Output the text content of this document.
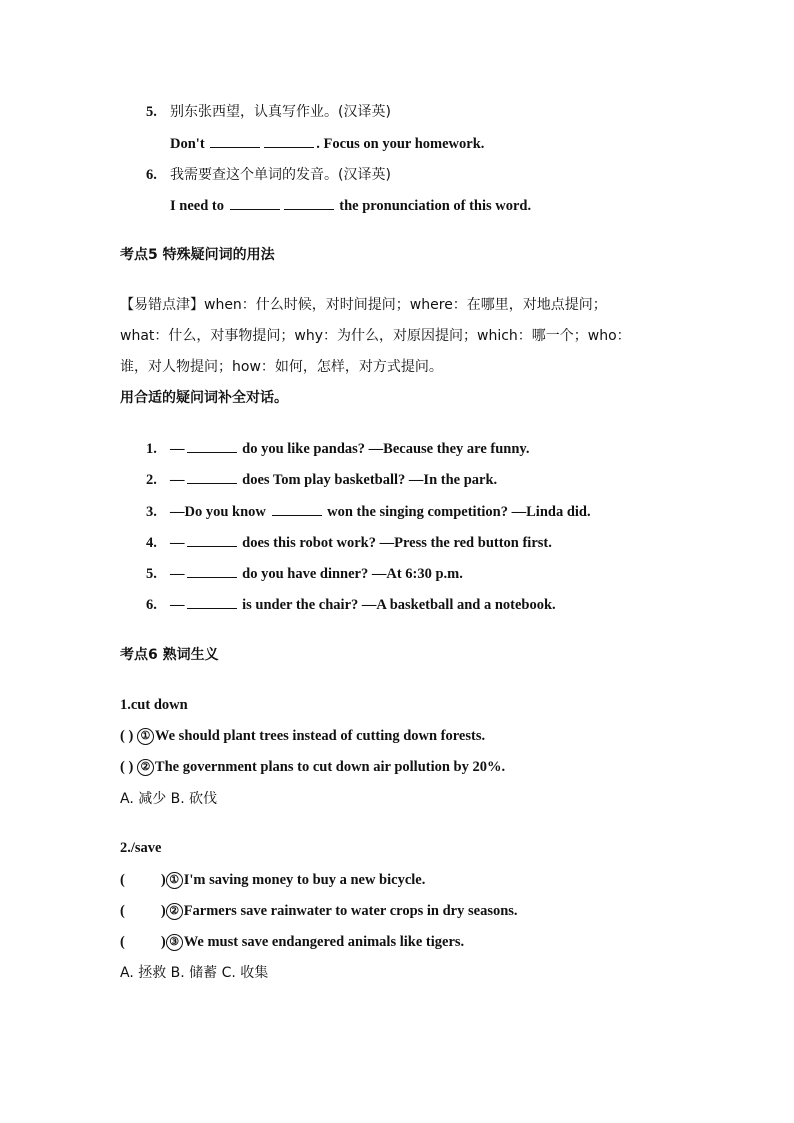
5. 别东张西望，认真写作业。(汉译英)
Don't	. Focus on your homework.
6. 我需要查这个单词的发音。(汉译英)
I need to	the pronunciation of this word.
考点5 特殊疑问词的用法
【易错点津】when：什么时候，对时间提问；where：在哪里，对地点提问；
what：什么，对事物提问；why：为什么，对原因提问；which：哪一个；who：
谁，对人物提问；how：如何，怎样，对方式提问。
用合适的疑问词补全对话。
1. —	do you like pandas? —Because they are funny.
2. —	does Tom play basketball? —In the park.
3. —Do you know	won the singing competition? —Linda did.
4. —	does this robot work? —Press the red button first.
5. —	do you have dinner? —At 6:30 p.m.
6. —	is under the chair? —A basketball and a notebook.
考点6 熟词生义
1.cut down
( ) ① We should plant trees instead of cutting down forests.
( ) ② The government plans to cut down air pollution by 20%.
A. 减少 B. 砍伐
2./save
( ) ① I'm saving money to buy a new bicycle.
( ) ② Farmers save rainwater to water crops in dry seasons.
( ) ③ We must save endangered animals like tigers.
A. 拯救 B. 储蓄 C. 收集
